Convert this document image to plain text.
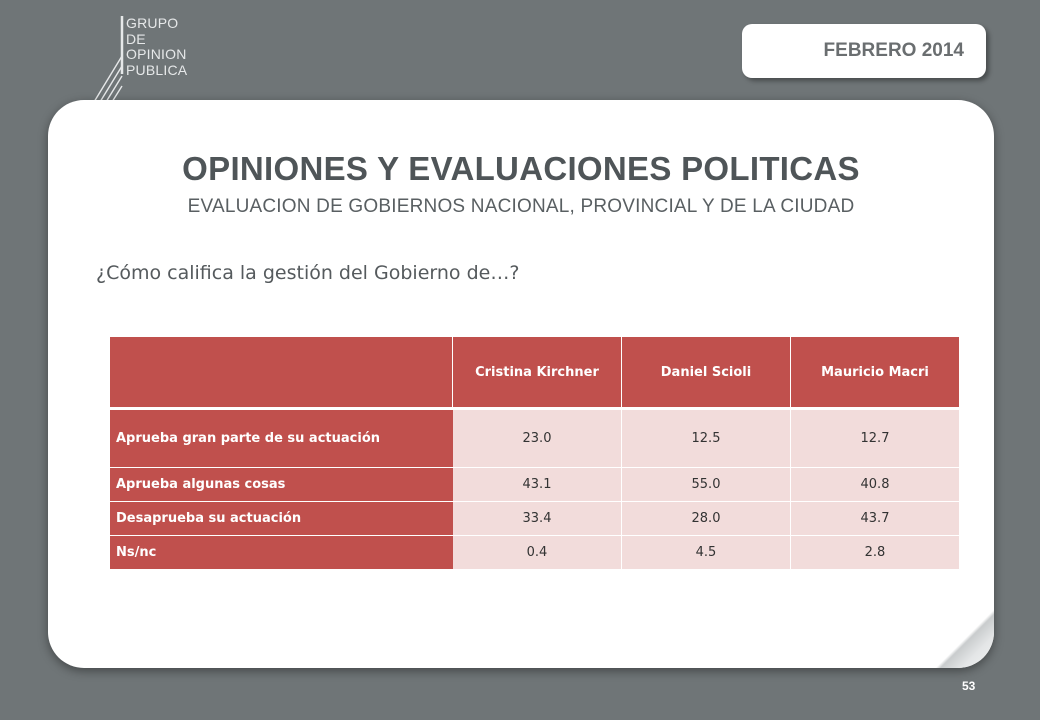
GRUPO
DE
OPINION
PUBLICA
FEBRERO 2014
OPINIONES Y EVALUACIONES POLITICAS
EVALUACION DE GOBIERNOS NACIONAL, PROVINCIAL Y DE LA CIUDAD
¿Cómo califica la gestión del Gobierno de…?
	Cristina Kirchner	Daniel Scioli	Mauricio Macri
Aprueba gran parte de su actuación	23.0	12.5	12.7
Aprueba algunas cosas	43.1	55.0	40.8
Desaprueba su actuación	33.4	28.0	43.7
Ns/nc	0.4	4.5	2.8
53
